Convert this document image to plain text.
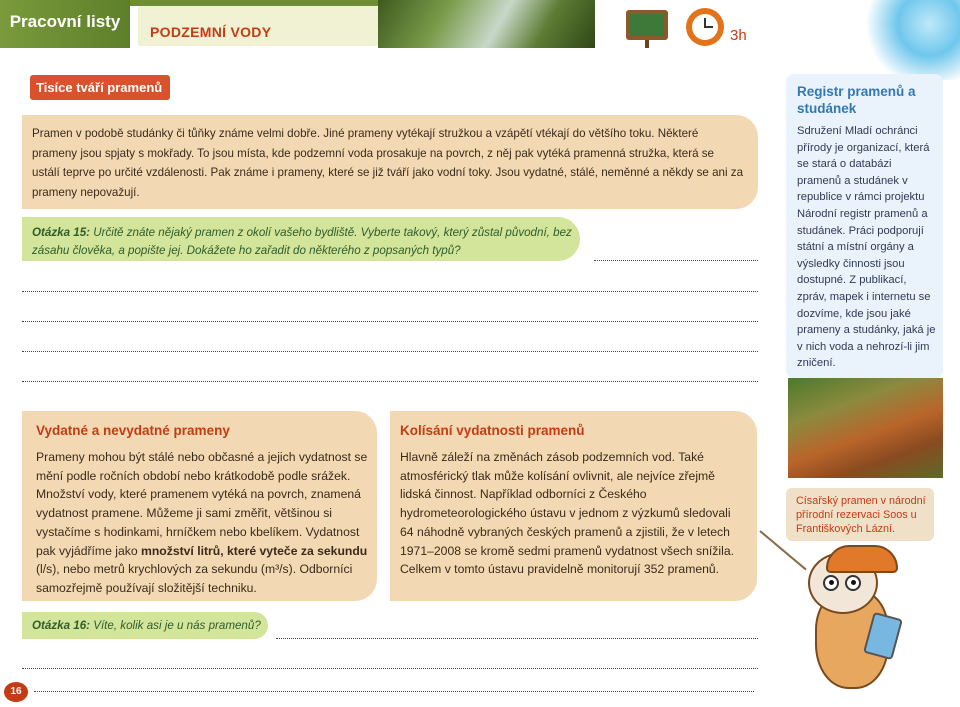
Pracovní listy
PODZEMNÍ VODY	3h
Tisíce tváří pramenů
Pramen v podobě studánky či tůňky známe velmi dobře. Jiné prameny vytékají stružkou a vzápětí vtékají do většího toku. Některé prameny jsou spjaty s mokřady. To jsou místa, kde podzemní voda prosakuje na povrch, z něj pak vytéká pramenná stružka, která se ustálí teprve po určité vzdálenosti. Pak známe i prameny, které se již tváří jako vodní toky. Jsou vydatné, stálé, neměnné a někdy se ani za prameny nepovažují.
Otázka 15: Určitě znáte nějaký pramen z okolí vašeho bydliště. Vyberte takový, který zůstal původní, bez zásahu člověka, a popište jej. Dokážete ho zařadit do některého z popsaných typů?
Registr pramenů a studánek
Sdružení Mladí ochránci přírody je organizací, která se stará o databázi pramenů a studánek v republice v rámci projektu Národní registr pramenů a studánek. Práci podporují státní a místní orgány a výsledky činnosti jsou dostupné. Z publikací, zpráv, mapek i internetu se dozvíme, kde jsou jaké prameny a studánky, jaká je v nich voda a nehrozí-li jim zničení.
Císařský pramen v národní přírodní rezervaci Soos u Františkových Lázní.
Vydatné a nevydatné prameny
Prameny mohou být stálé nebo občasné a jejich vydatnost se mění podle ročních období nebo krátkodobě podle srážek. Množství vody, které pramenem vytéká na povrch, znamená vydatnost pramene. Můžeme ji sami změřit, většinou si vystačíme s hodinkami, hrníčkem nebo kbelíkem. Vydatnost pak vyjádříme jako množství litrů, které vyteče za sekundu (l/s), nebo metrů krychlových za sekundu (m³/s). Odborníci samozřejmě používají složitější techniku.
Kolísání vydatnosti pramenů
Hlavně záleží na změnách zásob podzemních vod. Také atmosférický tlak může kolísání ovlivnit, ale nejvíce zřejmě lidská činnost. Například odborníci z Českého hydrometeorologického ústavu v jednom z výzkumů sledovali 64 náhodně vybraných českých pramenů a zjistili, že v letech 1971–2008 se kromě sedmi pramenů vydatnost všech snížila. Celkem v tomto ústavu pravidelně monitorují 352 pramenů.
Otázka 16: Víte, kolik asi je u nás pramenů?
16
